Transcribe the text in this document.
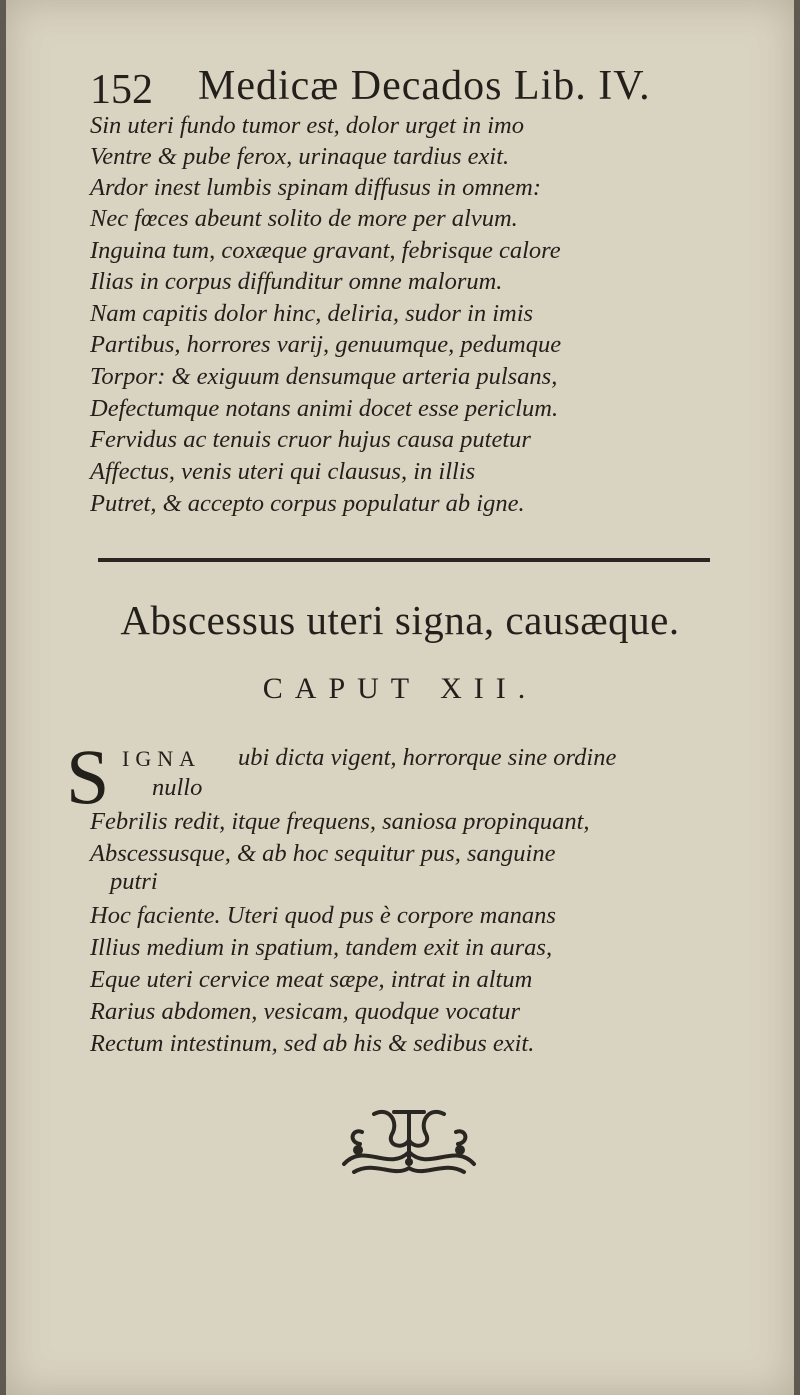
152 Medicæ Decados Lib. IV.
Sin uteri fundo tumor est, dolor urget in imo
Ventre & pube ferox, urinaque tardius exit.
Ardor inest lumbis spinam diffusus in omnem:
Nec fœces abeunt solito de more per alvum.
Inguina tum, coxæque gravant, febrisque calore
Ilias in corpus diffunditur omne malorum.
Nam capitis dolor hinc, deliria, sudor in imis
Partibus, horrores varij, genuumque, pedumque
Torpor: & exiguum densumque arteria pulsans,
Defectumque notans animi docet esse periclum.
Fervidus ac tenuis cruor hujus causa putetur
Affectus, venis uteri qui clausus, in illis
Putret, & accepto corpus populatur ab igne.
Abscessus uteri signa, causæque.
CAPUT XII.
S IGNA ubi dicta vigent, horrorque sine ordine
nullo
Febrilis redit, itque frequens, saniosa propinquant,
Abscessusque, & ab hoc sequitur pus, sanguine
putri
Hoc faciente. Uteri quod pus è corpore manans
Illius medium in spatium, tandem exit in auras,
Eque uteri cervice meat sæpe, intrat in altum
Rarius abdomen, vesicam, quodque vocatur
Rectum intestinum, sed ab his & sedibus exit.
